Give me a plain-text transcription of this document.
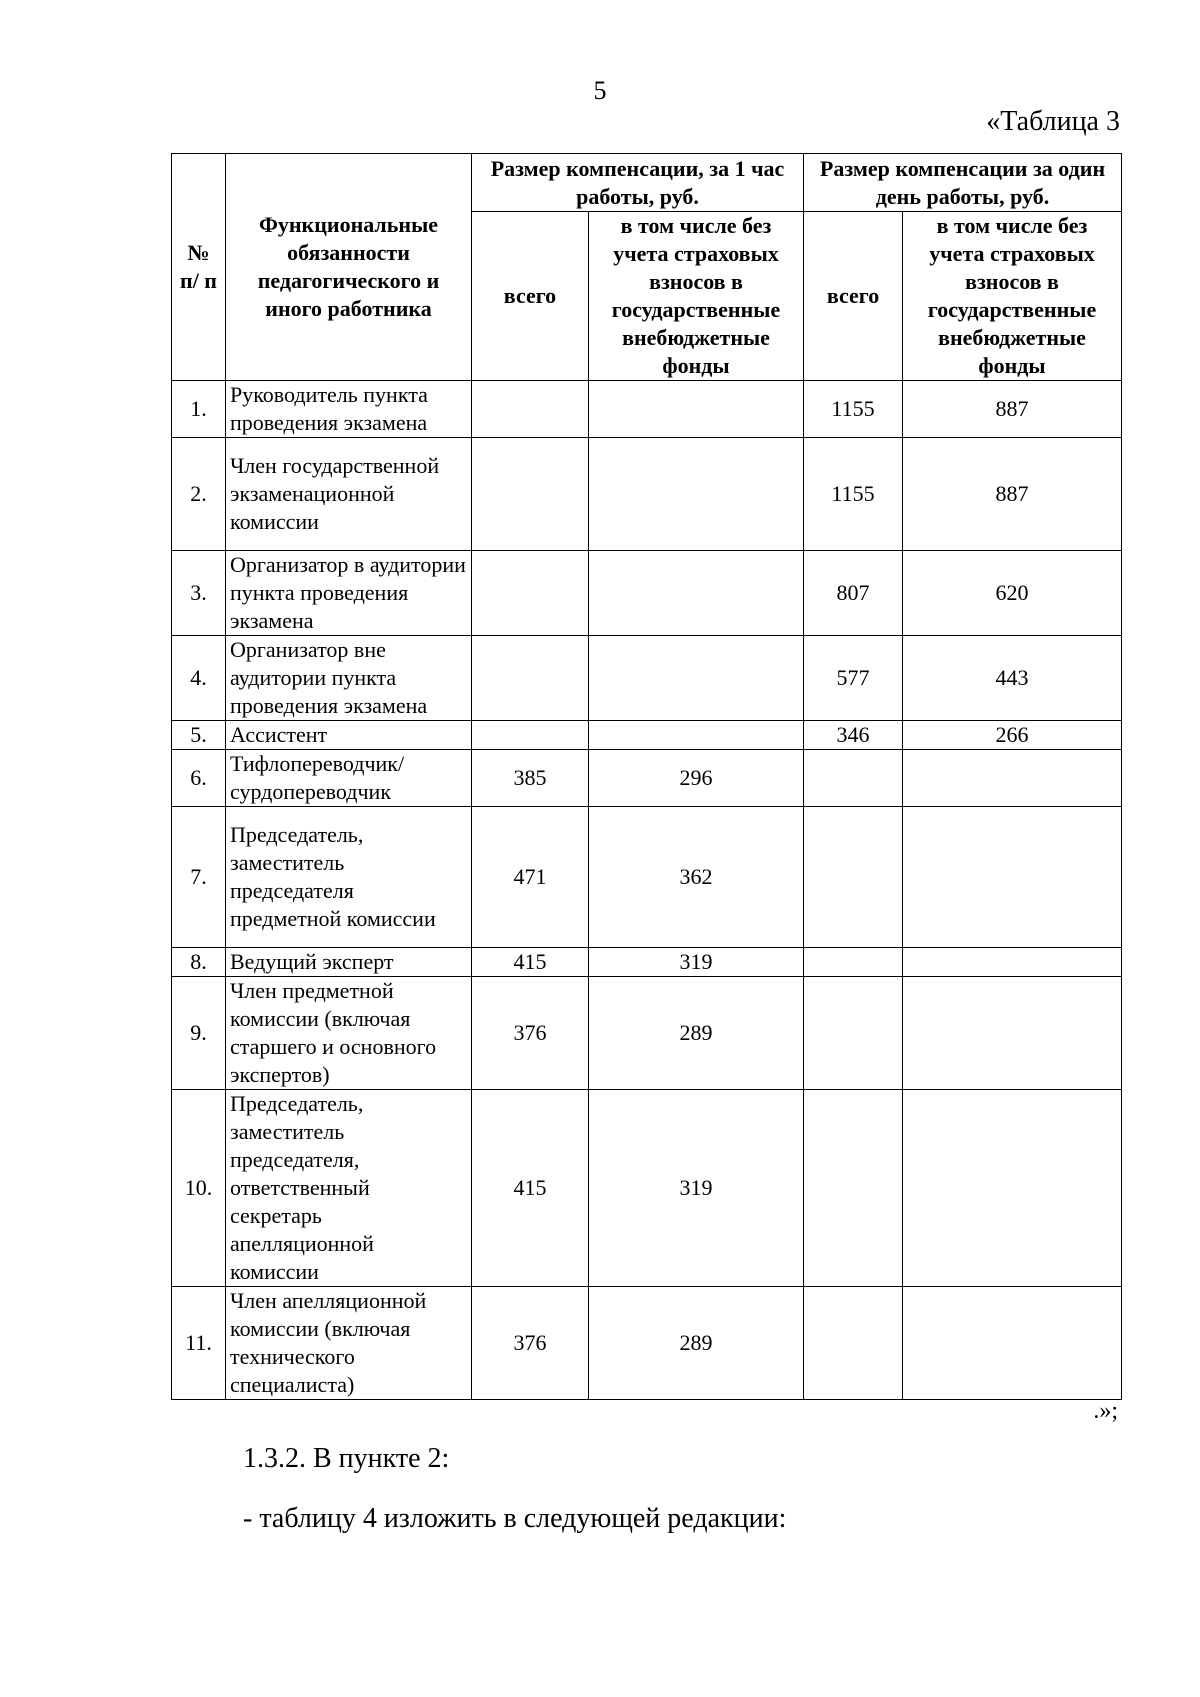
5
«Таблица 3
№ п/ п	Функциональные обязанности педагогического и иного работника	Размер компенсации, за 1 час работы, руб.		Размер компенсации за один день работы, руб.	
		всего	в том числе без учета страховых взносов в государственные внебюджетные фонды	всего	в том числе без учета страховых взносов в государственные внебюджетные фонды
1.	Руководитель пункта проведения экзамена			1155	887
2.	Член государственной экзаменационной комиссии			1155	887
3.	Организатор в аудитории пункта проведения экзамена			807	620
4.	Организатор вне аудитории пункта проведения экзамена			577	443
5.	Ассистент			346	266
6.	Тифлопереводчик/ сурдопереводчик	385	296		
7.	Председатель, заместитель председателя предметной комиссии	471	362		
8.	Ведущий эксперт	415	319		
9.	Член предметной комиссии (включая старшего и основного экспертов)	376	289		
10.	Председатель, заместитель председателя, ответственный секретарь апелляционной комиссии	415	319		
11.	Член апелляционной комиссии (включая технического специалиста)	376	289		
.»;
1.3.2. В пункте 2:
- таблицу 4 изложить в следующей редакции:
